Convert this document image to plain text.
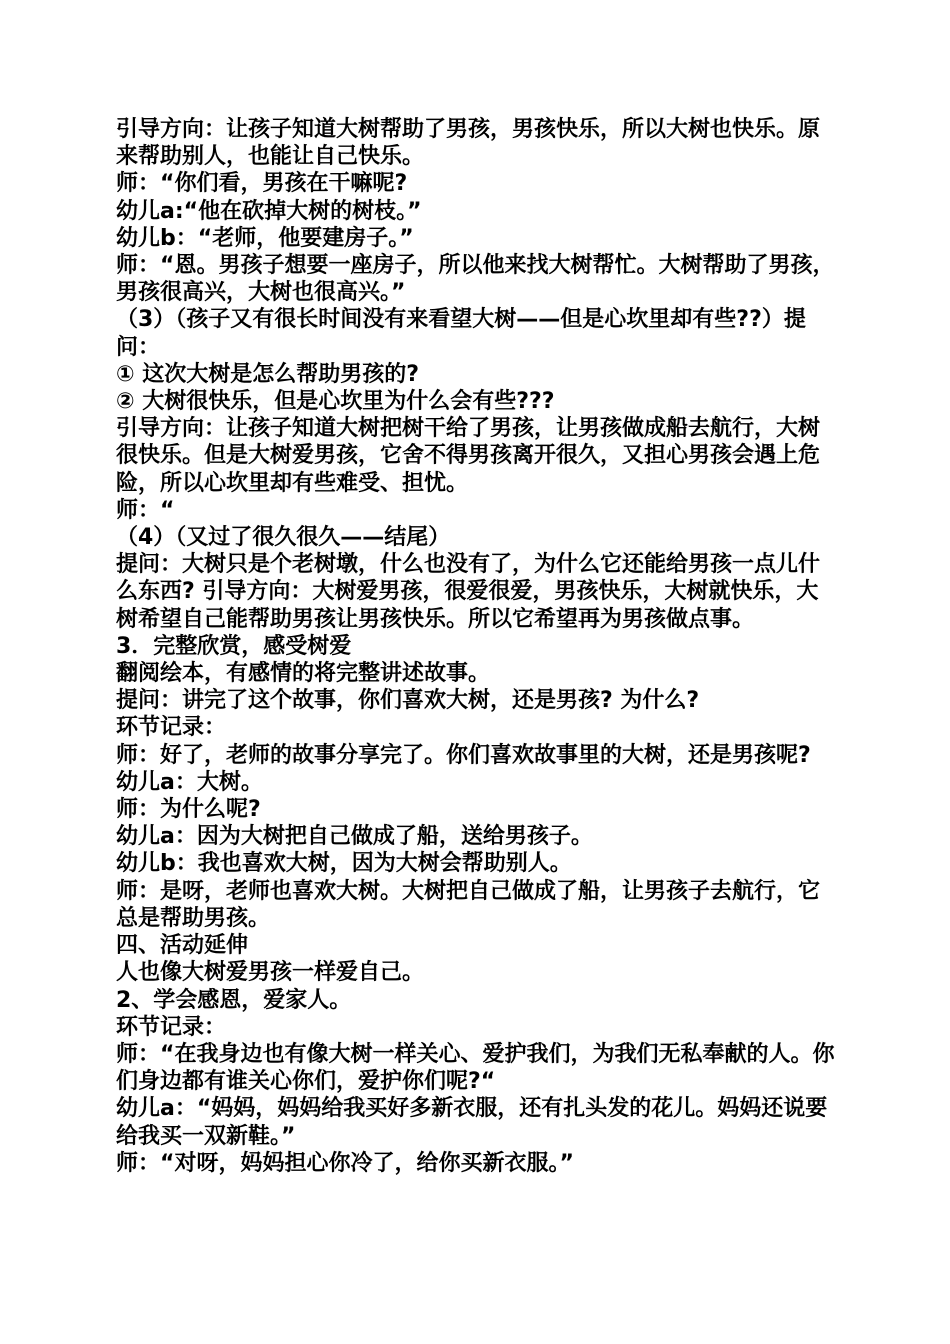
引导方向：让孩子知道大树帮助了男孩，男孩快乐，所以大树也快乐。原来帮助别人，也能让自己快乐。

师：“你们看，男孩在干嘛呢?

幼儿a:“他在砍掉大树的树枝。”

幼儿b：“老师，他要建房子。”

师：“恩。男孩子想要一座房子，所以他来找大树帮忙。大树帮助了男孩，男孩很高兴，大树也很高兴。”

（3）（孩子又有很长时间没有来看望大树——但是心坎里却有些??）提问：

① 这次大树是怎么帮助男孩的?

② 大树很快乐，但是心坎里为什么会有些???

引导方向：让孩子知道大树把树干给了男孩，让男孩做成船去航行，大树很快乐。但是大树爱男孩，它舍不得男孩离开很久，又担心男孩会遇上危险，所以心坎里却有些难受、担忧。

师：“

（4）（又过了很久很久——结尾）

提问：大树只是个老树墩，什么也没有了，为什么它还能给男孩一点儿什么东西? 引导方向：大树爱男孩，很爱很爱，男孩快乐，大树就快乐，大树希望自己能帮助男孩让男孩快乐。所以它希望再为男孩做点事。

3．完整欣赏，感受树爱

翻阅绘本，有感情的将完整讲述故事。

提问：讲完了这个故事，你们喜欢大树，还是男孩? 为什么?

环节记录：

师：好了，老师的故事分享完了。你们喜欢故事里的大树，还是男孩呢? 幼儿a：大树。

师：为什么呢?

幼儿a：因为大树把自己做成了船，送给男孩子。

幼儿b：我也喜欢大树，因为大树会帮助别人。

师：是呀，老师也喜欢大树。大树把自己做成了船，让男孩子去航行，它总是帮助男孩。

四、活动延伸

人也像大树爱男孩一样爱自己。

2、学会感恩，爱家人。

环节记录：

师：“在我身边也有像大树一样关心、爱护我们，为我们无私奉献的人。你们身边都有谁关心你们，爱护你们呢?“

幼儿a：“妈妈，妈妈给我买好多新衣服，还有扎头发的花儿。妈妈还说要给我买一双新鞋。”

师：“对呀，妈妈担心你冷了，给你买新衣服。”
